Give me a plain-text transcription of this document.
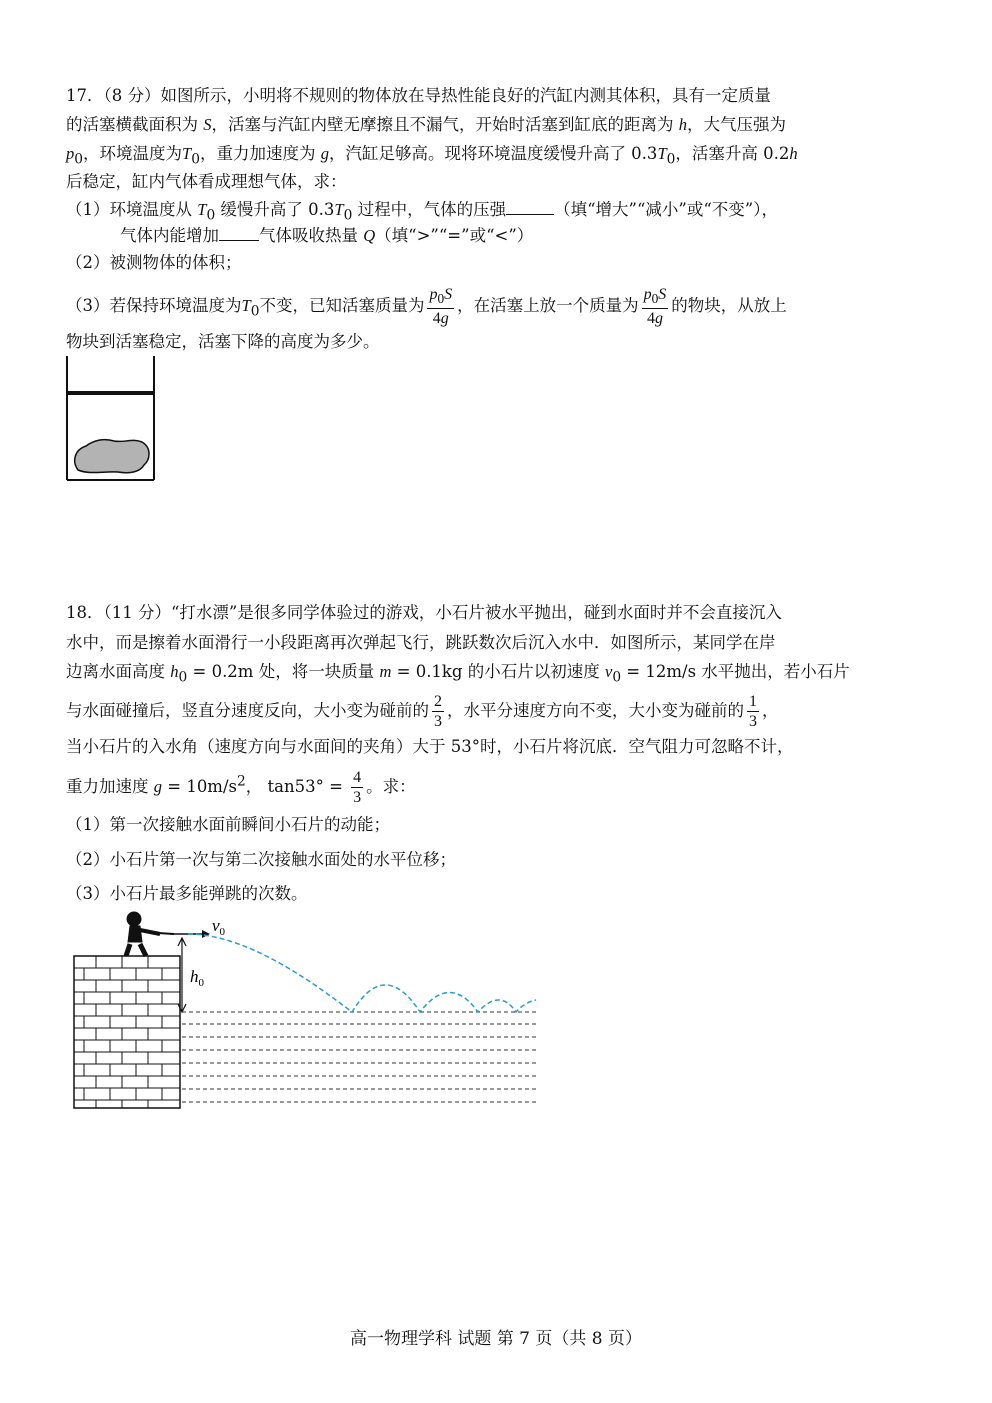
17．（8 分）如图所示，小明将不规则的物体放在导热性能良好的汽缸内测其体积，具有一定质量
的活塞横截面积为 S，活塞与汽缸内壁无摩擦且不漏气，开始时活塞到缸底的距离为 h，大气压强为
$p_0$，环境温度为$T_0$，重力加速度为 g，汽缸足够高。现将环境温度缓慢升高了 $0.3T_0$，活塞升高 0.2h
后稳定，缸内气体看成理想气体，求：
（1）环境温度从 $T_0$ 缓慢升高了 $0.3T_0$ 过程中，气体的压强	（填“增大”“减小”或“不变”），
气体内能增加 气体吸收热量 Q（填“>”“=”或“<”）
（2）被测物体的体积；
（3）若保持环境温度为$T_0$不变，已知活塞质量为 $\frac{p_0S}{4g}$ ，在活塞上放一个质量为 $\frac{p_0S}{4g}$ 的物块，从放上
物块到活塞稳定，活塞下降的高度为多少。
18．（11 分）“打水漂”是很多同学体验过的游戏，小石片被水平抛出，碰到水面时并不会直接沉入
水中，而是擦着水面滑行一小段距离再次弹起飞行，跳跃数次后沉入水中．如图所示，某同学在岸
边离水面高度 $h_0 = 0.2m$ 处，将一块质量 m = 0.1kg 的小石片以初速度 $v_0 = 12m/s$ 水平抛出，若小石片
与水面碰撞后，竖直分速度反向，大小变为碰前的 $\frac{2}{3}$ ，水平分速度方向不变，大小变为碰前的 $\frac{1}{3}$ ，
当小石片的入水角（速度方向与水面间的夹角）大于 53°时，小石片将沉底．空气阻力可忽略不计，
重力加速度 $g = 10m/s^2$， $\tan 53^\circ = \frac{4}{3}$ 。求：
（1）第一次接触水面前瞬间小石片的动能；
（2）小石片第一次与第二次接触水面处的水平位移；
（3）小石片最多能弹跳的次数。
$v_0$
$h_0$
高一物理学科 试题 第 7 页（共 8 页）
